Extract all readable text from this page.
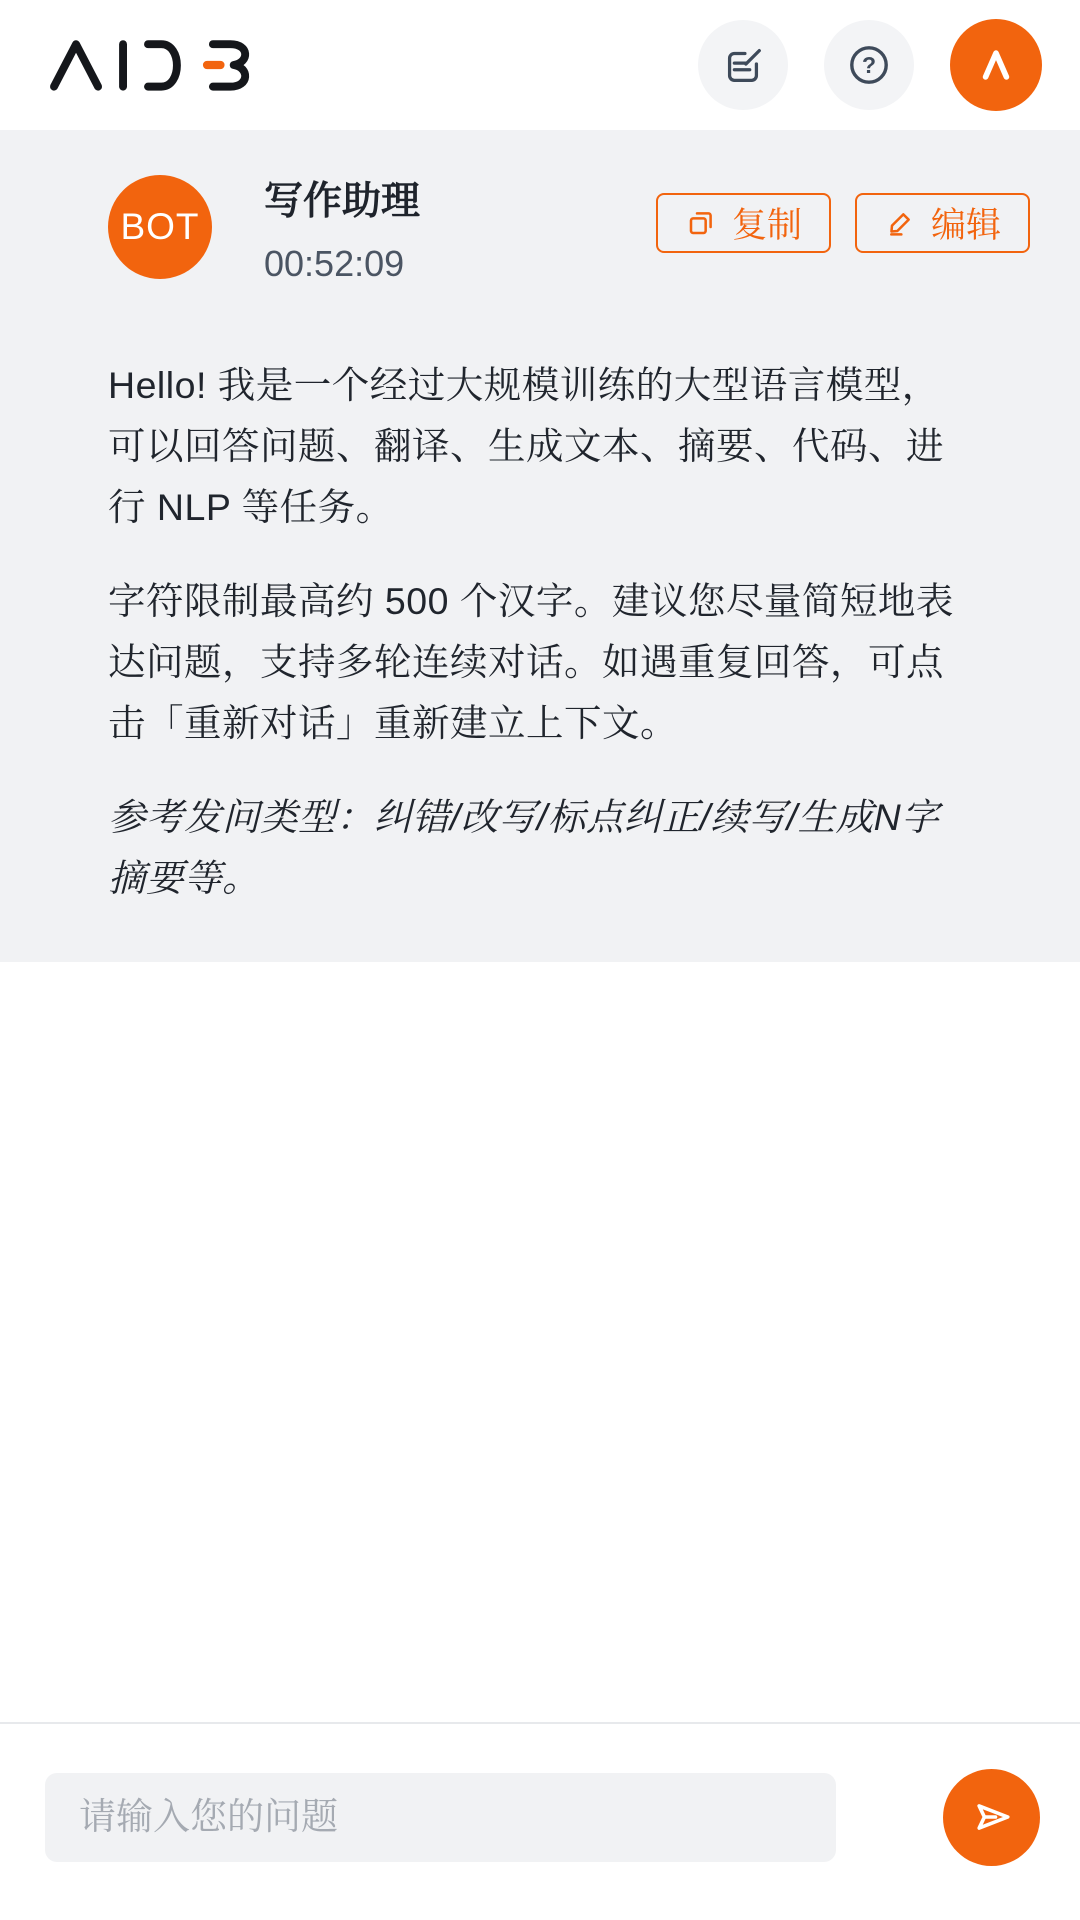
?
BOT
写作助理
00:52:09
复制	编辑

Hello! 我是一个经过大规模训练的大型语言模型，可以回答问题、翻译、生成文本、摘要、代码、进行 NLP 等任务。

字符限制最高约 500 个汉字。建议您尽量简短地表达问题，支持多轮连续对话。如遇重复回答，可点击「重新对话」重新建立上下文。

参考发问类型：纠错/改写/标点纠正/续写/生成N字摘要等。

请输入您的问题
